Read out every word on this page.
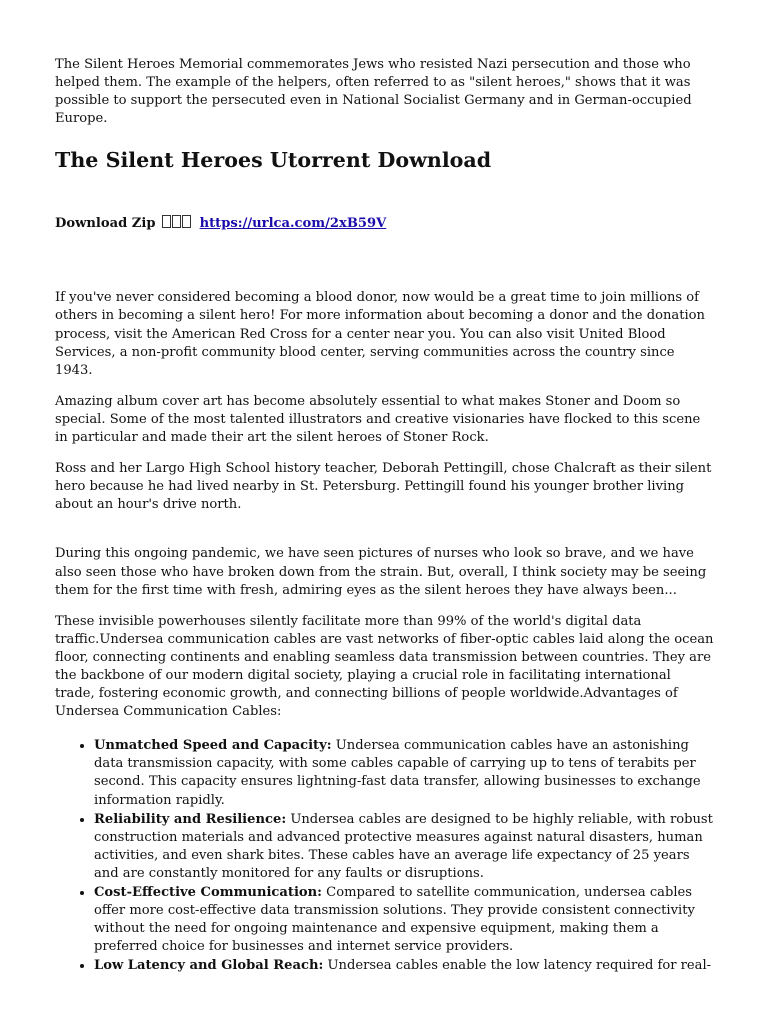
The Silent Heroes Memorial commemorates Jews who resisted Nazi persecution and those who helped them. The example of the helpers, often referred to as "silent heroes," shows that it was possible to support the persecuted even in National Socialist Germany and in German-occupied Europe.

The Silent Heroes Utorrent Download
Download Zip	https://urlca.com/2xB59V

If you've never considered becoming a blood donor, now would be a great time to join millions of others in becoming a silent hero! For more information about becoming a donor and the donation process, visit the American Red Cross for a center near you. You can also visit United Blood Services, a non-profit community blood center, serving communities across the country since 1943.

Amazing album cover art has become absolutely essential to what makes Stoner and Doom so special. Some of the most talented illustrators and creative visionaries have flocked to this scene in particular and made their art the silent heroes of Stoner Rock.

Ross and her Largo High School history teacher, Deborah Pettingill, chose Chalcraft as their silent hero because he had lived nearby in St. Petersburg. Pettingill found his younger brother living about an hour's drive north.

During this ongoing pandemic, we have seen pictures of nurses who look so brave, and we have also seen those who have broken down from the strain. But, overall, I think society may be seeing them for the first time with fresh, admiring eyes as the silent heroes they have always been...

These invisible powerhouses silently facilitate more than 99% of the world's digital data traffic.Undersea communication cables are vast networks of fiber-optic cables laid along the ocean floor, connecting continents and enabling seamless data transmission between countries. They are the backbone of our modern digital society, playing a crucial role in facilitating international trade, fostering economic growth, and connecting billions of people worldwide.Advantages of Undersea Communication Cables:

• Unmatched Speed and Capacity: Undersea communication cables have an astonishing data transmission capacity, with some cables capable of carrying up to tens of terabits per second. This capacity ensures lightning-fast data transfer, allowing businesses to exchange information rapidly.
• Reliability and Resilience: Undersea cables are designed to be highly reliable, with robust construction materials and advanced protective measures against natural disasters, human activities, and even shark bites. These cables have an average life expectancy of 25 years and are constantly monitored for any faults or disruptions.
• Cost-Effective Communication: Compared to satellite communication, undersea cables offer more cost-effective data transmission solutions. They provide consistent connectivity without the need for ongoing maintenance and expensive equipment, making them a preferred choice for businesses and internet service providers.
• Low Latency and Global Reach: Undersea cables enable the low latency required for real-
